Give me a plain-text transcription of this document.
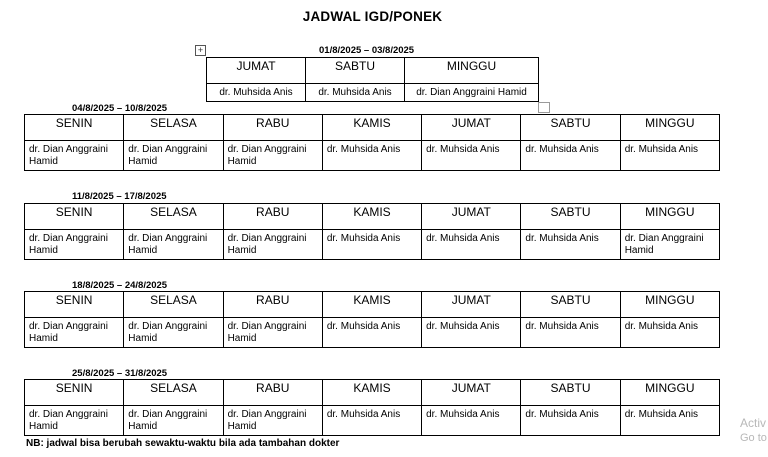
JADWAL IGD/PONEK
+	01/8/2025 – 03/8/2025
JUMAT	SABTU	MINGGU
dr. Muhsida Anis	dr. Muhsida Anis	dr. Dian Anggraini Hamid
04/8/2025 – 10/8/2025
SENIN	SELASA	RABU	KAMIS	JUMAT	SABTU	MINGGU
dr. Dian Anggraini Hamid	dr. Dian Anggraini Hamid	dr. Dian Anggraini Hamid	dr. Muhsida Anis	dr. Muhsida Anis	dr. Muhsida Anis	dr. Muhsida Anis
11/8/2025 – 17/8/2025
SENIN	SELASA	RABU	KAMIS	JUMAT	SABTU	MINGGU
dr. Dian Anggraini Hamid	dr. Dian Anggraini Hamid	dr. Dian Anggraini Hamid	dr. Muhsida Anis	dr. Muhsida Anis	dr. Muhsida Anis	dr. Dian Anggraini Hamid
18/8/2025 – 24/8/2025
SENIN	SELASA	RABU	KAMIS	JUMAT	SABTU	MINGGU
dr. Dian Anggraini Hamid	dr. Dian Anggraini Hamid	dr. Dian Anggraini Hamid	dr. Muhsida Anis	dr. Muhsida Anis	dr. Muhsida Anis	dr. Muhsida Anis
25/8/2025 – 31/8/2025
SENIN	SELASA	RABU	KAMIS	JUMAT	SABTU	MINGGU
dr. Dian Anggraini Hamid	dr. Dian Anggraini Hamid	dr. Dian Anggraini Hamid	dr. Muhsida Anis	dr. Muhsida Anis	dr. Muhsida Anis	dr. Muhsida Anis
NB: jadwal bisa berubah sewaktu-waktu bila ada tambahan dokter
Activ
Go to
